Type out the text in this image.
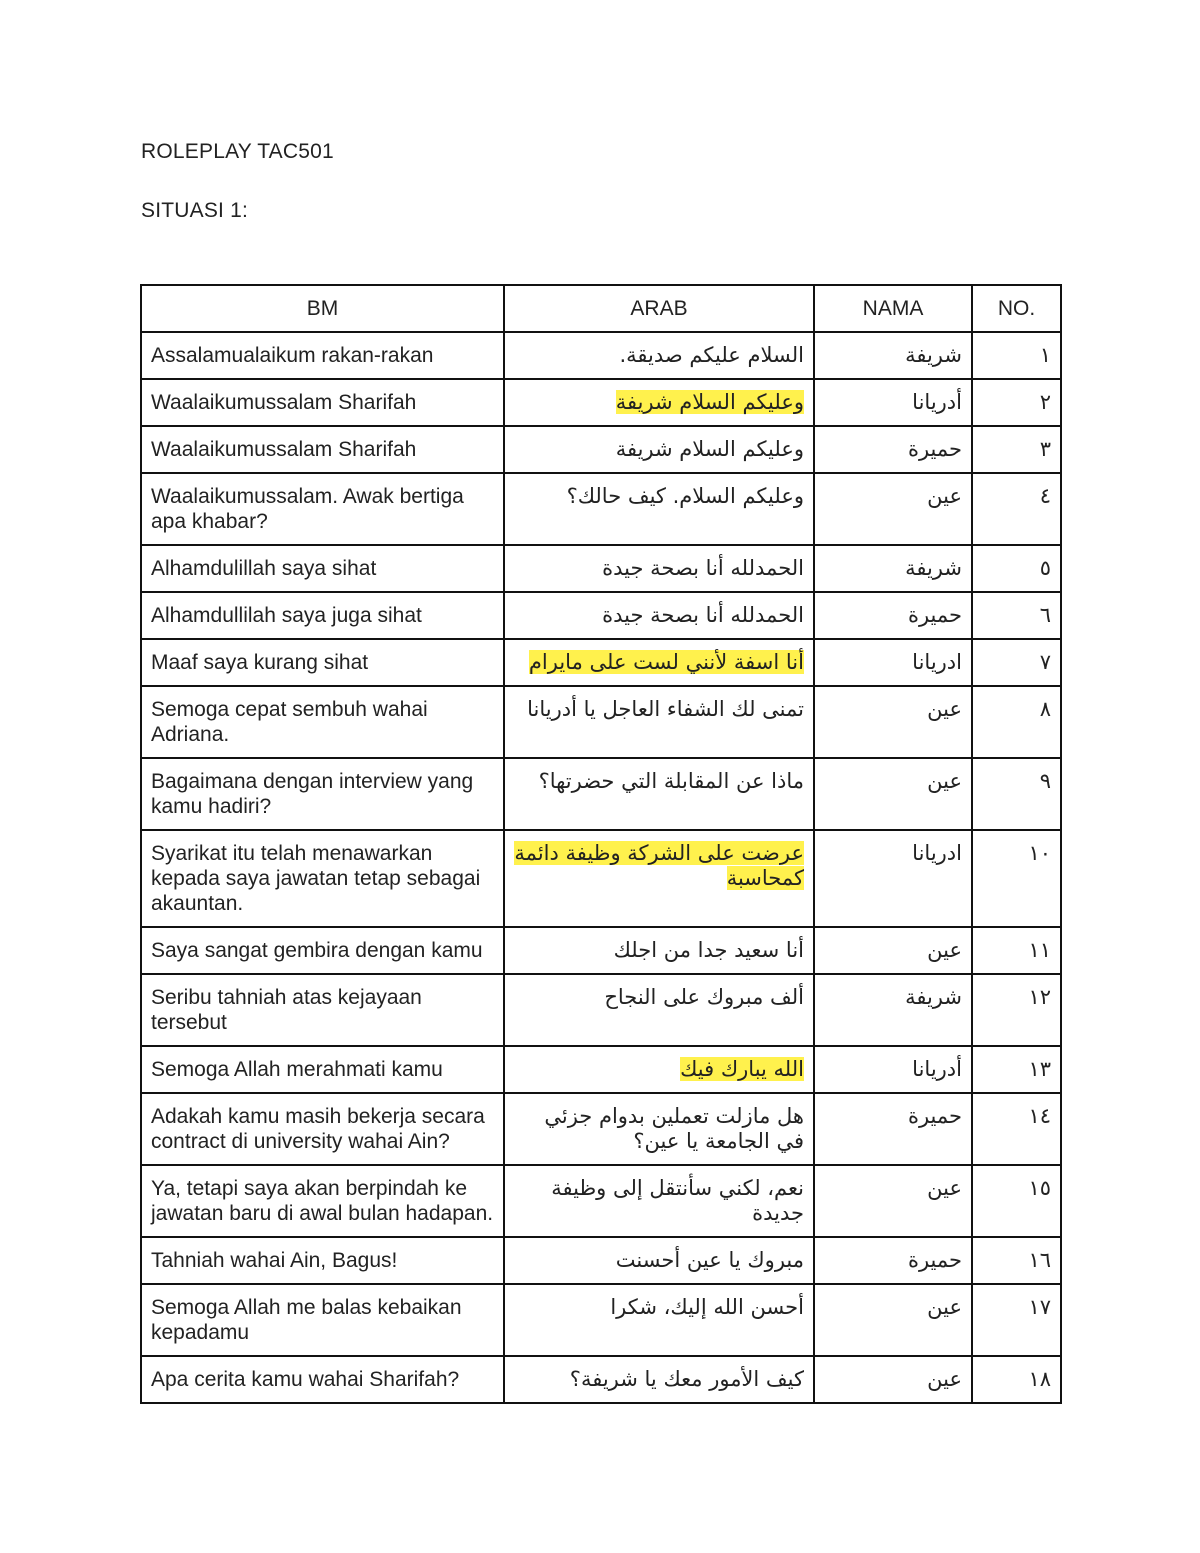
ROLEPLAY TAC501
SITUASI 1:
BM	ARAB	NAMA	NO.
Assalamualaikum rakan-rakan	السلام عليكم صديقة.	شريفة	١
Waalaikumussalam Sharifah	وعليكم السلام شريفة	أدريانا	٢
Waalaikumussalam Sharifah	وعليكم السلام شريفة	حميرة	٣
Waalaikumussalam. Awak bertiga apa khabar?	وعليكم السلام. كيف حالك؟	عين	٤
Alhamdulillah saya sihat	الحمدلله أنا بصحة جيدة	شريفة	٥
Alhamdullilah saya juga sihat	الحمدلله أنا بصحة جيدة	حميرة	٦
Maaf saya kurang sihat	أنا اسفة لأنني لست على مايرام	ادريانا	٧
Semoga cepat sembuh wahai Adriana.	تمنى لك الشفاء العاجل يا أدريانا	عين	٨
Bagaimana dengan interview yang kamu hadiri?	ماذا عن المقابلة التي حضرتها؟	عين	٩
Syarikat itu telah menawarkan kepada saya jawatan tetap sebagai akauntan.	عرضت على الشركة وظيفة دائمة كمحاسبة	ادريانا	١٠
Saya sangat gembira dengan kamu	أنا سعيد جدا من اجلك	عين	١١
Seribu tahniah atas kejayaan tersebut	ألف مبروك على النجاح	شريفة	١٢
Semoga Allah merahmati kamu	الله يبارك فيك	أدريانا	١٣
Adakah kamu masih bekerja secara contract di university wahai Ain?	هل مازلت تعملين بدوام جزئي في الجامعة يا عين؟	حميرة	١٤
Ya, tetapi saya akan berpindah ke jawatan baru di awal bulan hadapan.	نعم، لكني سأنتقل إلى وظيفة جديدة	عين	١٥
Tahniah wahai Ain, Bagus!	مبروك يا عين أحسنت	حميرة	١٦
Semoga Allah me balas kebaikan kepadamu	أحسن الله إليك، شكرا	عين	١٧
Apa cerita kamu wahai Sharifah?	كيف الأمور معك يا شريفة؟	عين	١٨
